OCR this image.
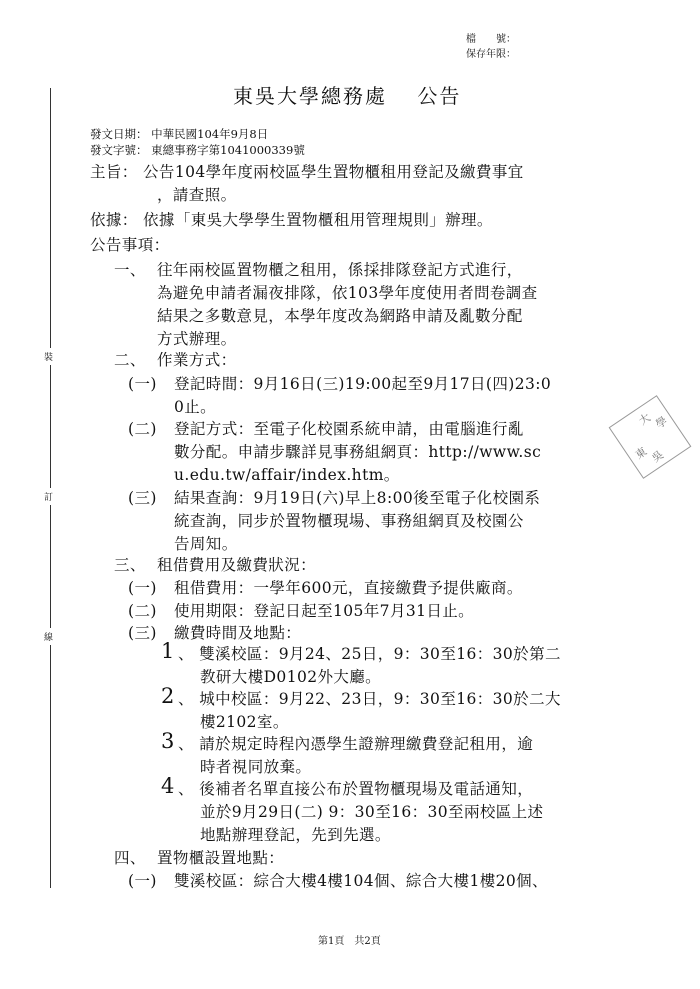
檔　　號：
保存年限：
裝
訂
線
東 吳
大 學
東吳大學總務處　 公告
發文日期： 中華民國104年9月8日
發文字號： 東總事務字第1041000339號
主旨： 公告104學年度兩校區學生置物櫃租用登記及繳費事宜
，請查照。
依據： 依據「東吳大學學生置物櫃租用管理規則」辦理。
公告事項：
一、 往年兩校區置物櫃之租用，係採排隊登記方式進行，
為避免申請者漏夜排隊，依103學年度使用者問卷調查
結果之多數意見，本學年度改為網路申請及亂數分配
方式辦理。
二、 作業方式：
(一) 登記時間：9月16日(三)19:00起至9月17日(四)23:0
0止。
(二) 登記方式：至電子化校園系統申請，由電腦進行亂
數分配。申請步驟詳見事務組網頁：http://www.sc
u.edu.tw/affair/index.htm。
(三) 結果查詢：9月19日(六)早上8:00後至電子化校園系
統查詢，同步於置物櫃現場、事務組網頁及校園公
告周知。
三、 租借費用及繳費狀況：
(一) 租借費用：一學年600元，直接繳費予提供廠商。
(二) 使用期限：登記日起至105年7月31日止。
(三) 繳費時間及地點：
1 、 雙溪校區：9月24、25日，9：30至16：30於第二
教研大樓D0102外大廳。
2 、 城中校區：9月22、23日，9：30至16：30於二大
樓2102室。
3 、 請於規定時程內憑學生證辦理繳費登記租用，逾
時者視同放棄。
4 、 後補者名單直接公布於置物櫃現場及電話通知，
並於9月29日(二) 9：30至16：30至兩校區上述
地點辦理登記，先到先選。
四、 置物櫃設置地點：
(一) 雙溪校區：綜合大樓4樓104個、綜合大樓1樓20個、
第1頁　共2頁
